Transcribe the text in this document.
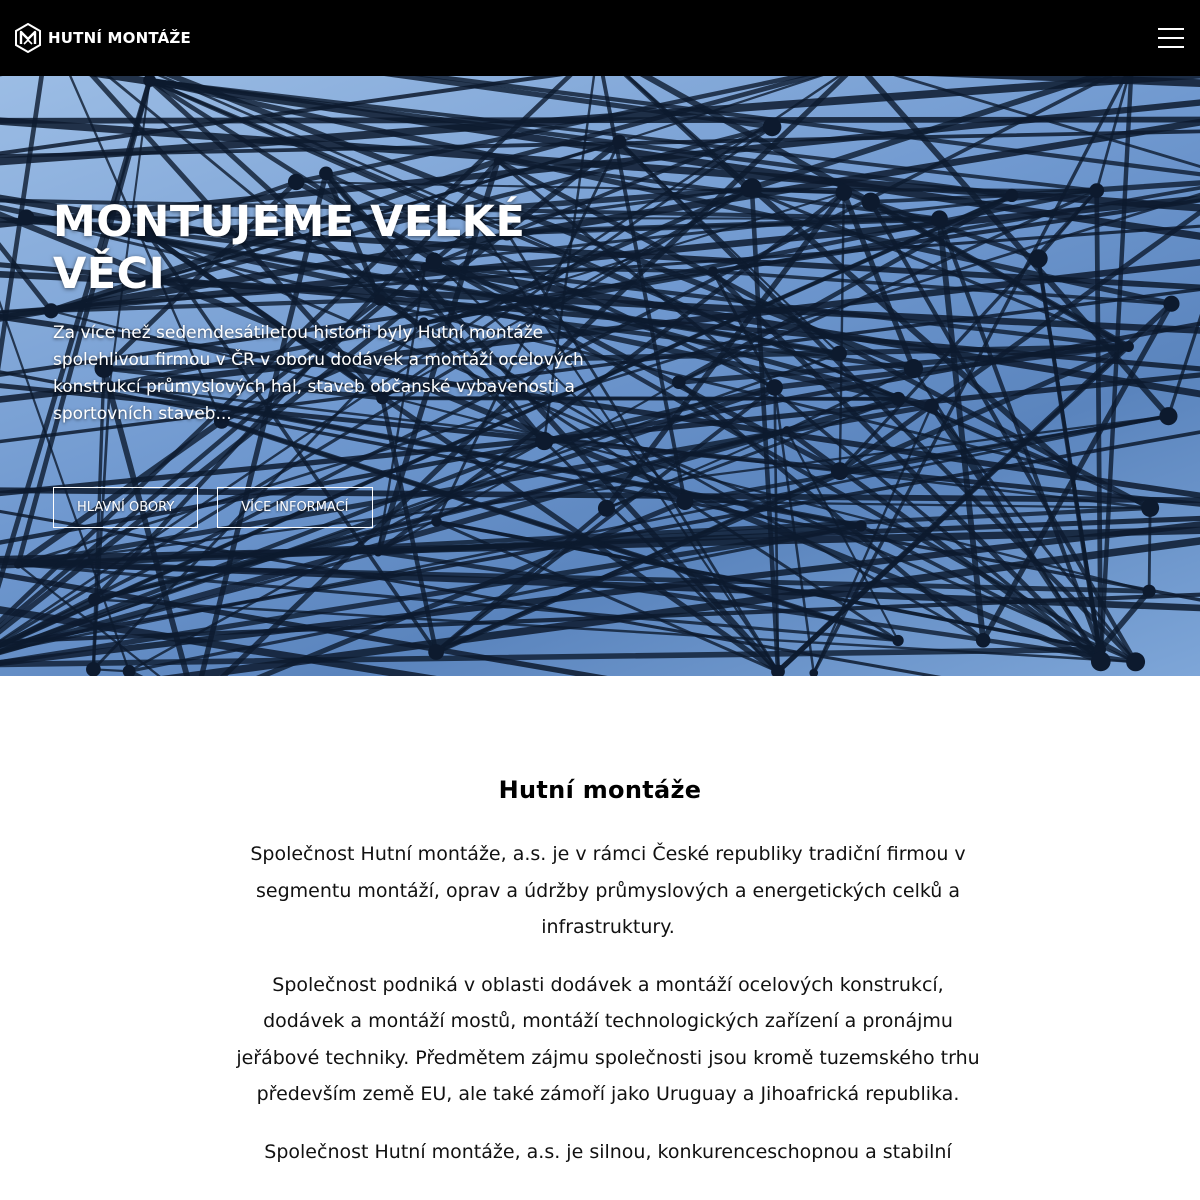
HUTNÍ MONTÁŽE
MONTUJEME VELKÉ VĚCI

Za více než sedemdesátiletou historii byly Hutní montáže spolehlivou firmou v ČR v oboru dodávek a montáží ocelových konstrukcí průmyslových hal, staveb občanské vybavenosti a sportovních staveb...

HLAVNÍ OBORY	VÍCE INFORMACÍ
Hutní montáže

Společnost Hutní montáže, a.s. je v rámci České republiky tradiční firmou v segmentu montáží, oprav a údržby průmyslových a energetických celků a infrastruktury.

Společnost podniká v oblasti dodávek a montáží ocelových konstrukcí, dodávek a montáží mostů, montáží technologických zařízení a pronájmu jeřábové techniky. Předmětem zájmu společnosti jsou kromě tuzemského trhu především země EU, ale také zámoří jako Uruguay a Jihoafrická republika.

Společnost Hutní montáže, a.s. je silnou, konkurenceschopnou a stabilní
